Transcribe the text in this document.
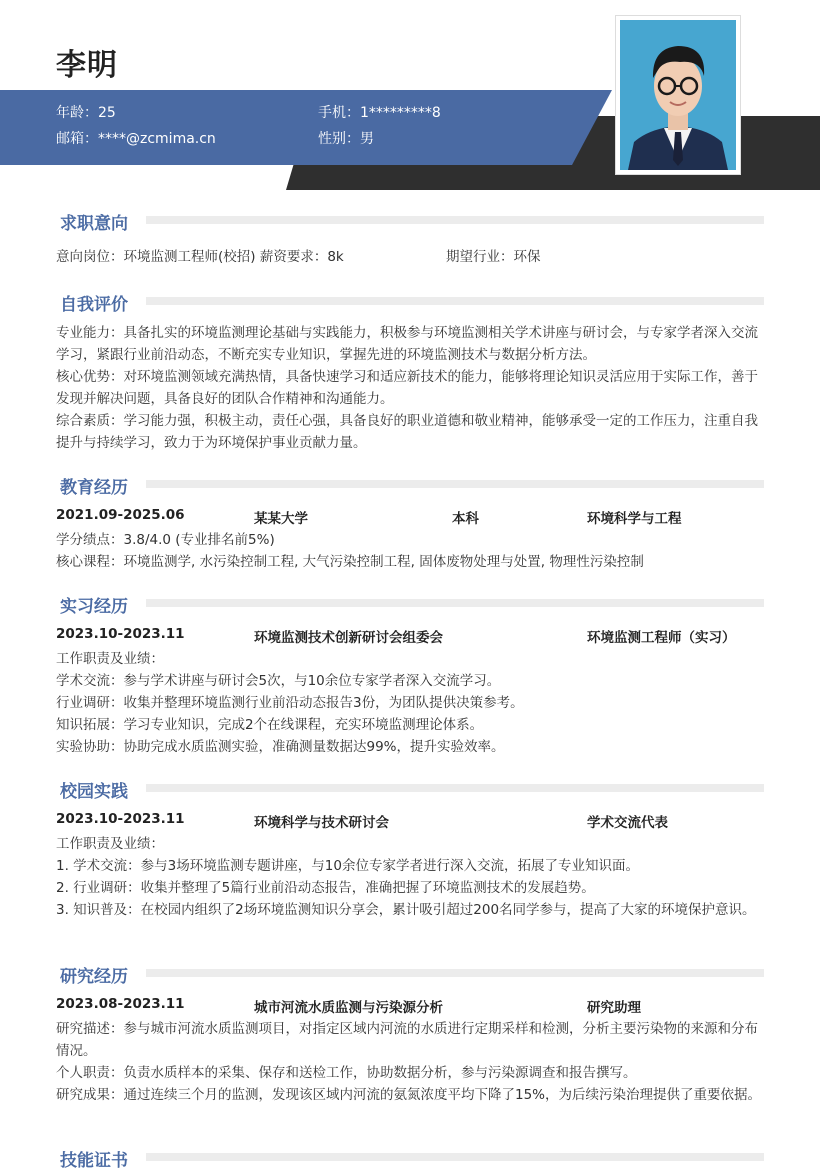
李明
年龄：25	手机：1*********8
邮箱：****@zcmima.cn	性别：男
求职意向
意向岗位：环境监测工程师(校招) 薪资要求：8k	期望行业：环保
自我评价
专业能力：具备扎实的环境监测理论基础与实践能力，积极参与环境监测相关学术讲座与研讨会，与专家学者深入交流学习，紧跟行业前沿动态，不断充实专业知识，掌握先进的环境监测技术与数据分析方法。
核心优势：对环境监测领域充满热情，具备快速学习和适应新技术的能力，能够将理论知识灵活应用于实际工作，善于发现并解决问题，具备良好的团队合作精神和沟通能力。
综合素质：学习能力强，积极主动，责任心强，具备良好的职业道德和敬业精神，能够承受一定的工作压力，注重自我提升与持续学习，致力于为环境保护事业贡献力量。
教育经历
2021.09-2025.06	某某大学	本科	环境科学与工程
学分绩点：3.8/4.0 (专业排名前5%)
核心课程：环境监测学, 水污染控制工程, 大气污染控制工程, 固体废物处理与处置, 物理性污染控制
实习经历
2023.10-2023.11	环境监测技术创新研讨会组委会	环境监测工程师（实习）
工作职责及业绩：
学术交流：参与学术讲座与研讨会5次，与10余位专家学者深入交流学习。
行业调研：收集并整理环境监测行业前沿动态报告3份，为团队提供决策参考。
知识拓展：学习专业知识，完成2个在线课程，充实环境监测理论体系。
实验协助：协助完成水质监测实验，准确测量数据达99%，提升实验效率。
校园实践
2023.10-2023.11	环境科学与技术研讨会	学术交流代表
工作职责及业绩：
1. 学术交流：参与3场环境监测专题讲座，与10余位专家学者进行深入交流，拓展了专业知识面。
2. 行业调研：收集并整理了5篇行业前沿动态报告，准确把握了环境监测技术的发展趋势。
3. 知识普及：在校园内组织了2场环境监测知识分享会，累计吸引超过200名同学参与，提高了大家的环境保护意识。
研究经历
2023.08-2023.11	城市河流水质监测与污染源分析	研究助理
研究描述：参与城市河流水质监测项目，对指定区域内河流的水质进行定期采样和检测，分析主要污染物的来源和分布情况。
个人职责：负责水质样本的采集、保存和送检工作，协助数据分析，参与污染源调查和报告撰写。
研究成果：通过连续三个月的监测，发现该区域内河流的氨氮浓度平均下降了15%，为后续污染治理提供了重要依据。
技能证书
